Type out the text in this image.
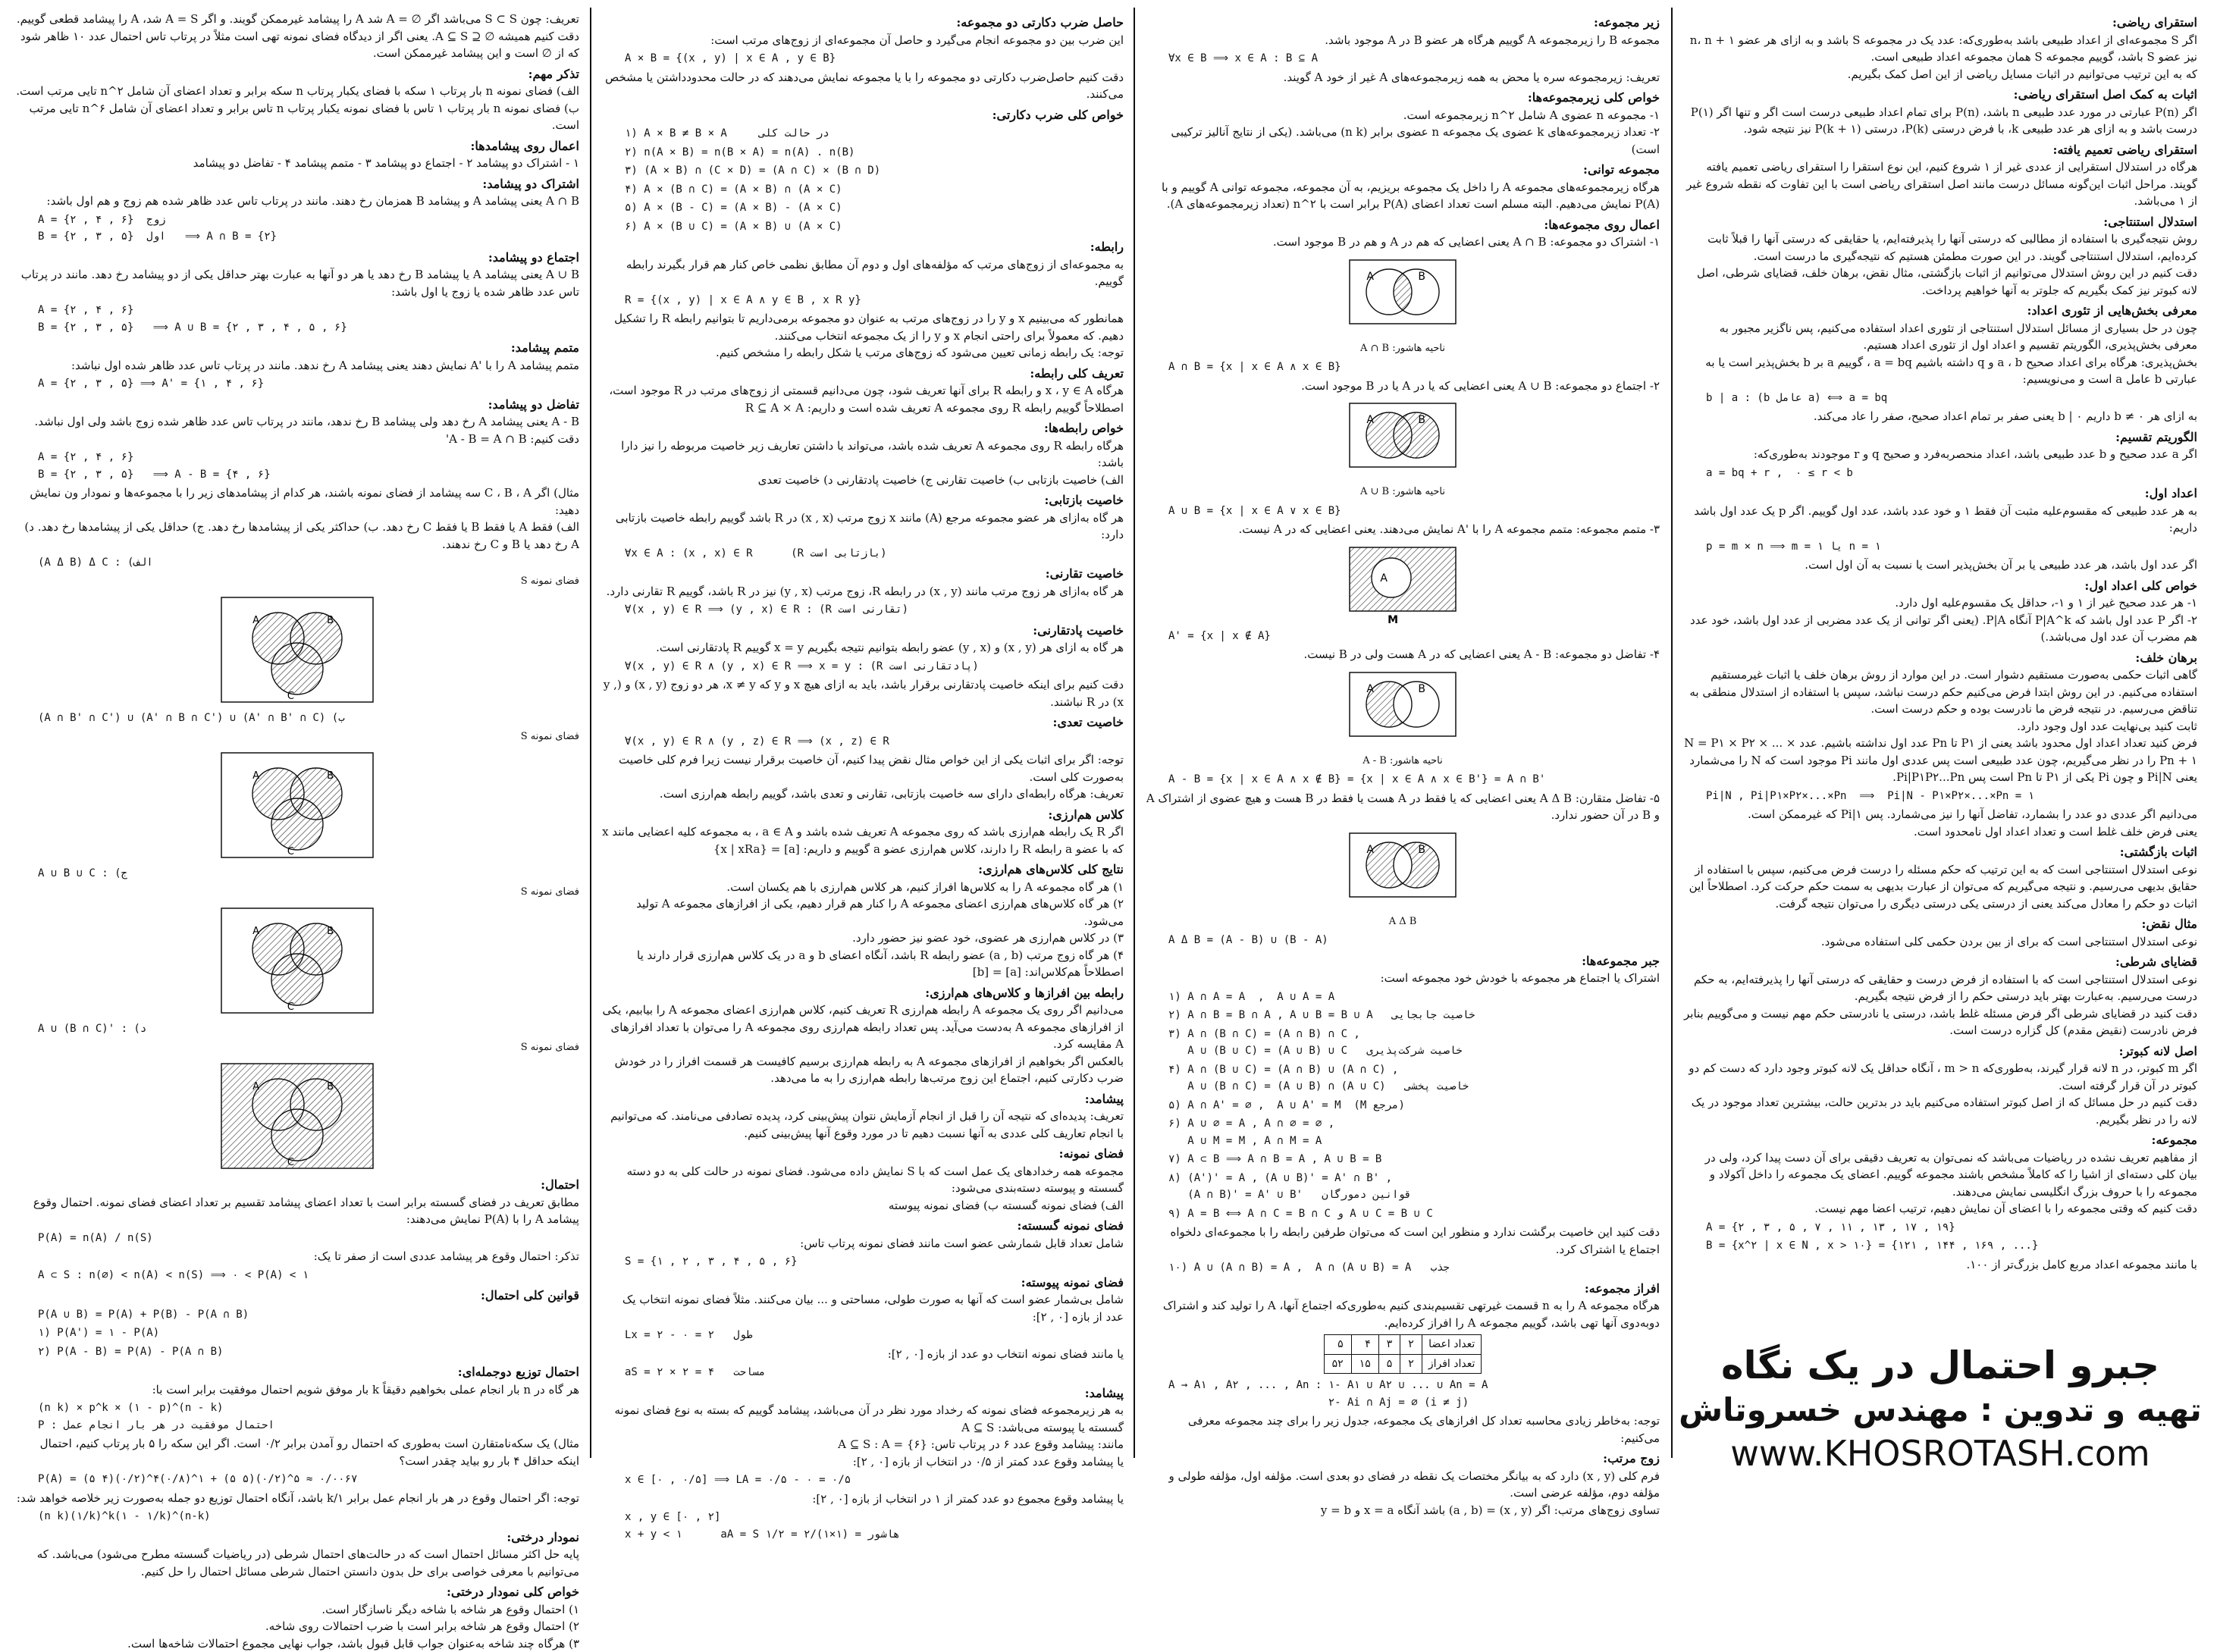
استقرای ریاضی:
اگر S مجموعه‌ای از اعداد طبیعی باشد به‌طوری‌که: عدد یک در مجموعه S باشد و به ازای هر عضو n، n + ۱ نیز عضو S باشد، گوییم مجموعه S همان مجموعه اعداد طبیعی است.
که به این ترتیب می‌توانیم در اثبات مسایل ریاضی از این اصل کمک بگیریم.
اثبات به کمک اصل استقرای ریاضی:
اگر P(n) عبارتی در مورد عدد طبیعی n باشد، P(n) برای تمام اعداد طبیعی درست است اگر و تنها اگر P(۱) درست باشد و به ازای هر عدد طبیعی k، با فرض درستی P(k)، درستی P(k + ۱) نیز نتیجه شود.
استقرای ریاضی تعمیم یافته:
هرگاه در استدلال استقرایی از عددی غیر از ۱ شروع کنیم، این نوع استقرا را استقرای ریاضی تعمیم یافته گویند. مراحل اثبات این‌گونه مسائل درست مانند اصل استقرای ریاضی است با این تفاوت که نقطه شروع غیر از ۱ می‌باشد.
استدلال استنتاجی:
روش نتیجه‌گیری با استفاده از مطالبی که درستی آنها را پذیرفته‌ایم، یا حقایقی که درستی آنها را قبلاً ثابت کرده‌ایم، استدلال استنتاجی گویند. در این صورت مطمئن هستیم که نتیجه‌گیری ما درست است.
دقت کنیم در این روش استدلال می‌توانیم از اثبات بازگشتی، مثال نقض، برهان خلف، قضایای شرطی، اصل لانه کبوتر نیز کمک بگیریم که جلوتر به آنها خواهیم پرداخت.
معرفی بخش‌هایی از تئوری اعداد:
چون در حل بسیاری از مسائل استدلال استنتاجی از تئوری اعداد استفاده می‌کنیم، پس ناگزیر مجبور به معرفی بخش‌پذیری، الگوریتم تقسیم و اعداد اول از تئوری اعداد هستیم.
بخش‌پذیری: هرگاه برای اعداد صحیح a ، b و q داشته باشیم a = bq ، گوییم a بر b بخش‌پذیر است یا به عبارتی b عامل a است و می‌نویسیم:
b | a : (b عامل a) ⟺ a = bq
به ازای هر b ≠ ۰ داریم b | ۰ یعنی صفر بر تمام اعداد صحیح، صفر را عاد می‌کند.
الگوریتم تقسیم:
اگر a عدد صحیح و b عدد طبیعی باشد، اعداد منحصربه‌فرد و صحیح q و r موجودند به‌طوری‌که:
a = bq + r ,  ۰ ≤ r < b
اعداد اول:
به هر عدد طبیعی که مقسوم‌علیه مثبت آن فقط ۱ و خود عدد باشد، عدد اول گوییم. اگر p یک عدد اول باشد داریم:
p = m × n ⟹ m = ۱ یا n = ۱
اگر عدد اول باشد، هر عدد طبیعی یا بر آن بخش‌پذیر است یا نسبت به آن اول است.
خواص کلی اعداد اول:
۱- هر عدد صحیح غیر از ۱ و ۱-، حداقل یک مقسوم‌علیه اول دارد.
۲- اگر P عدد اول باشد که P|A^k آنگاه P|A. (یعنی اگر توانی از یک عدد مضربی از عدد اول باشد، خود عدد هم مضرب آن عدد اول می‌باشد.)
برهان خلف:
گاهی اثبات حکمی به‌صورت مستقیم دشوار است. در این موارد از روش برهان خلف یا اثبات غیرمستقیم استفاده می‌کنیم. در این روش ابتدا فرض می‌کنیم حکم درست نباشد، سپس با استفاده از استدلال منطقی به تناقض می‌رسیم. در نتیجه فرض ما نادرست بوده و حکم درست است.
ثابت کنید بی‌نهایت عدد اول وجود دارد.
فرض کنید تعداد اعداد اول محدود باشد یعنی از P۱ تا Pn عدد اول نداشته باشیم. عدد N = P۱ × P۲ × ... × Pn + ۱ را در نظر می‌گیریم، چون عدد طبیعی است پس عددی اول مانند Pi موجود است که N را می‌شمارد یعنی Pi|N و چون Pi یکی از P۱ تا Pn است پس Pi|P۱P۲...Pn.
Pi|N , Pi|P۱×P۲×...×Pn  ⟹  Pi|N - P۱×P۲×...×Pn = ۱
می‌دانیم اگر عددی دو عدد را بشمارد، تفاضل آنها را نیز می‌شمارد. پس Pi|۱ که غیرممکن است.
یعنی فرض خلف غلط است و تعداد اعداد اول نامحدود است.
اثبات بازگشتی:
نوعی استدلال استنتاجی است که به این ترتیب که حکم مسئله را درست فرض می‌کنیم، سپس با استفاده از حقایق بدیهی می‌رسیم. و نتیجه می‌گیریم که می‌توان از عبارت بدیهی به سمت حکم حرکت کرد. اصطلاحاً این اثبات دو حکم را معادل می‌کند یعنی از درستی یکی درستی دیگری را می‌توان نتیجه گرفت.
مثال نقض:
نوعی استدلال استنتاجی است که برای از بین بردن حکمی کلی استفاده می‌شود.
قضایای شرطی:
نوعی استدلال استنتاجی است که با استفاده از فرض درست و حقایقی که درستی آنها را پذیرفته‌ایم، به حکم درست می‌رسیم. به‌عبارت بهتر باید درستی حکم را از فرض نتیجه بگیریم.
دقت کنید در قضایای شرطی اگر فرض مسئله غلط باشد، درستی یا نادرستی حکم مهم نیست و می‌گوییم بنابر فرض نادرست (نقیض مقدم) کل گزاره درست است.
اصل لانه کبوتر:
اگر m کبوتر، در n لانه قرار گیرند، به‌طوری‌که m > n ، آنگاه حداقل یک لانه کبوتر وجود دارد که دست کم دو کبوتر در آن قرار گرفته است.
دقت کنیم در حل مسائل که از اصل کبوتر استفاده می‌کنیم باید در بدترین حالت، بیشترین تعداد موجود در یک لانه را در نظر بگیریم.
مجموعه:
از مفاهیم تعریف نشده در ریاضیات می‌باشد که نمی‌توان به تعریف دقیقی برای آن دست پیدا کرد، ولی در بیان کلی دسته‌ای از اشیا را که کاملاً مشخص باشند مجموعه گوییم. اعضای یک مجموعه را داخل آکولاد و مجموعه را با حروف بزرگ انگلیسی نمایش می‌دهند.
دقت کنیم که وقتی مجموعه را با اعضای آن نمایش دهیم، ترتیب اعضا مهم نیست.
A = {۲ , ۳ , ۵ , ۷ , ۱۱ , ۱۳ , ۱۷ , ۱۹}
B = {x^۲ | x ∈ N , x > ۱۰} = {۱۲۱ , ۱۴۴ , ۱۶۹ , ...}
با مانند مجموعه اعداد مربع کامل بزرگ‌تر از ۱۰۰.
زیر مجموعه:
مجموعه B را زیرمجموعه A گوییم هرگاه هر عضو B در A موجود باشد.
∀x ∈ B ⟹ x ∈ A : B ⊆ A
تعریف: زیرمجموعه سره یا محض به همه زیرمجموعه‌های A غیر از خود A گویند.
خواص کلی زیرمجموعه‌ها:
۱- مجموعه n عضوی A شامل ۲^n زیرمجموعه است.
۲- تعداد زیرمجموعه‌های k عضوی یک مجموعه n عضوی برابر (n k) می‌باشد. (یکی از نتایج آنالیز ترکیبی است)
مجموعه توانی:
هرگاه زیرمجموعه‌های مجموعه A را داخل یک مجموعه بریزیم، به آن مجموعه، مجموعه توانی A گوییم و با P(A) نمایش می‌دهیم. البته مسلم است تعداد اعضای P(A) برابر است با ۲^n (تعداد زیرمجموعه‌های A).
اعمال روی مجموعه‌ها:
۱- اشتراک دو مجموعه: A ∩ B یعنی اعضایی که هم در A و هم در B موجود است.
A	B
ناحیه هاشور: A ∩ B
A ∩ B = {x | x ∈ A ∧ x ∈ B}
۲- اجتماع دو مجموعه: A ∪ B یعنی اعضایی که یا در A یا در B موجود است.
A	B
ناحیه هاشور: A ∪ B
A ∪ B = {x | x ∈ A ∨ x ∈ B}
۳- متمم مجموعه: متمم مجموعه A را با 'A نمایش می‌دهند. یعنی اعضایی که در A نیست.
A
M
A' = {x | x ∉ A}
۴- تفاضل دو مجموعه: A - B یعنی اعضایی که در A هست ولی در B نیست.
A	B
ناحیه هاشور: A - B
A - B = {x | x ∈ A ∧ x ∉ B} = {x | x ∈ A ∧ x ∈ B'} = A ∩ B'
۵- تفاضل متقارن: A Δ B یعنی اعضایی که یا فقط در A هست یا فقط در B هست و هیچ عضوی از اشتراک A و B در آن حضور ندارد.
A	B
A Δ B
A Δ B = (A - B) ∪ (B - A)
جبر مجموعه‌ها:
اشتراک یا اجتماع هر مجموعه با خودش خود مجموعه است:
۱) A ∩ A = A  ,  A ∪ A = A
۲) A ∩ B = B ∩ A , A ∪ B = B ∪ A   خاصیت جابجایی
۳) A ∩ (B ∩ C) = (A ∩ B) ∩ C ,
A ∪ (B ∪ C) = (A ∪ B) ∪ C   خاصیت شرکت‌پذیری
۴) A ∩ (B ∪ C) = (A ∩ B) ∪ (A ∩ C) ,
A ∪ (B ∩ C) = (A ∪ B) ∩ (A ∪ C)   خاصیت پخشی
۵) A ∩ A' = ∅ ,  A ∪ A' = M  (M مرجع)
۶) A ∪ ∅ = A , A ∩ ∅ = ∅ ,
A ∪ M = M , A ∩ M = A
۷) A ⊂ B ⟹ A ∩ B = A , A ∪ B = B
۸) (A')' = A , (A ∪ B)' = A' ∩ B' ,
(A ∩ B)' = A' ∪ B'   قوانین دمورگان
۹) A = B ⟺ A ∩ C = B ∩ C و A ∪ C = B ∪ C
دقت کنید این خاصیت برگشت ندارد و منظور این است که می‌توان طرفین رابطه را با مجموعه‌ای دلخواه اجتماع یا اشتراک کرد.
۱۰) A ∪ (A ∩ B) = A ,  A ∩ (A ∪ B) = A   جذب
افراز مجموعه:
هرگاه مجموعه A را به n قسمت غیرتهی تقسیم‌بندی کنیم به‌طوری‌که اجتماع آنها، A را تولید کند و اشتراک دوبه‌دوی آنها تهی باشد، گوییم مجموعه A را افراز کرده‌ایم.
تعداد اعضا	۲	۳	۴	۵
تعداد افراز	۲	۵	۱۵	۵۲
A → A۱ , A۲ , ... , An : ۱- A۱ ∪ A۲ ∪ ... ∪ An = A
۲- Ai ∩ Aj = ∅ (i ≠ j)
توجه: به‌خاطر زیادی محاسبه تعداد کل افرازهای یک مجموعه، جدول زیر را برای چند مجموعه معرفی می‌کنیم:
زوج مرتب:
فرم کلی (x , y) دارد که به بیانگر مختصات یک نقطه در فضای دو بعدی است. مؤلفه اول، مؤلفه طولی و مؤلفه دوم، مؤلفه عرضی است.
تساوی زوج‌های مرتب: اگر (x , y) = (a , b) باشد آنگاه x = a و y = b
حاصل ضرب دکارتی دو مجموعه:
این ضرب بین دو مجموعه انجام می‌گیرد و حاصل آن مجموعه‌ای از زوج‌های مرتب است:
A × B = {(x , y) | x ∈ A , y ∈ B}
دقت کنیم حاصل‌ضرب دکارتی دو مجموعه را با یا مجموعه نمایش می‌دهند که در حالت محدودداشتن یا مشخص می‌کنند.
خواص کلی ضرب دکارتی:
۱) A × B ≠ B × A     در حالت کلی
۲) n(A × B) = n(B × A) = n(A) . n(B)
۳) (A × B) ∩ (C × D) = (A ∩ C) × (B ∩ D)
۴) A × (B ∩ C) = (A × B) ∩ (A × C)
۵) A × (B - C) = (A × B) - (A × C)
۶) A × (B ∪ C) = (A × B) ∪ (A × C)
رابطه:
به مجموعه‌ای از زوج‌های مرتب که مؤلفه‌های اول و دوم آن مطابق نظمی خاص کنار هم قرار بگیرند رابطه گوییم.
R = {(x , y) | x ∈ A ∧ y ∈ B , x R y}
همانطور که می‌بینیم x و y را در زوج‌های مرتب به عنوان دو مجموعه برمی‌داریم تا بتوانیم رابطه R را تشکیل دهیم. که معمولاً برای راحتی انجام x و y را از یک مجموعه انتخاب می‌کنند.
توجه: یک رابطه زمانی تعیین می‌شود که زوج‌های مرتب یا شکل رابطه را مشخص کنیم.
تعریف کلی رابطه:
هرگاه x ، y ∈ A و رابطه R برای آنها تعریف شود، چون می‌دانیم قسمتی از زوج‌های مرتب در R موجود است، اصطلاحاً گوییم رابطه R روی مجموعه A تعریف شده است و داریم: R ⊆ A × A
خواص رابطه‌ها:
هرگاه رابطه R روی مجموعه A تعریف شده باشد، می‌تواند با داشتن تعاریف زیر خاصیت مربوطه را نیز دارا باشد:
الف) خاصیت بازتابی ب) خاصیت تقارنی ج) خاصیت پادتقارنی د) خاصیت تعدی
خاصیت بازتابی:
هر گاه به‌ازای هر عضو مجموعه مرجع (A) مانند x زوج مرتب (x , x) در R باشد گوییم رابطه خاصیت بازتابی دارد:
∀x ∈ A : (x , x) ∈ R      (R بازتابی است)
خاصیت تقارنی:
هر گاه به‌ازای هر زوج مرتب مانند (x , y) در رابطه R، زوج مرتب (y , x) نیز در R باشد، گوییم R تقارنی دارد.
∀(x , y) ∈ R ⟹ (y , x) ∈ R : (R تقارنی است)
خاصیت پادتقارنی:
هر گاه به ازای هر (x , y) و (y , x) عضو رابطه بتوانیم نتیجه بگیریم x = y گوییم R پادتقارنی است.
∀(x , y) ∈ R ∧ (y , x) ∈ R ⟹ x = y : (R پادتقارنی است)
دقت کنیم برای اینکه خاصیت پادتقارنی برقرار باشد، باید به ازای هیچ x و y که x ≠ y، هر دو زوج (x , y) و (y , x) در R نباشند.
خاصیت تعدی:
∀(x , y) ∈ R ∧ (y , z) ∈ R ⟹ (x , z) ∈ R
توجه: اگر برای اثبات یکی از این خواص مثال نقض پیدا کنیم، آن خاصیت برقرار نیست زیرا فرم کلی خاصیت به‌صورت کلی است.
تعریف: هرگاه رابطه‌ای دارای سه خاصیت بازتابی، تقارنی و تعدی باشد، گوییم رابطه هم‌ارزی است.
کلاس هم‌ارزی:
اگر R یک رابطه هم‌ارزی باشد که روی مجموعه A تعریف شده باشد و a ∈ A ، به مجموعه کلیه اعضایی مانند x که با عضو a رابطه R را دارند، کلاس هم‌ارزی عضو a گوییم و داریم: [a] = {x | xRa}
نتایج کلی کلاس‌های هم‌ارزی:
۱) هر گاه مجموعه A را به کلاس‌ها افراز کنیم، هر کلاس هم‌ارزی با هم یکسان است.
۲) هر گاه کلاس‌های هم‌ارزی اعضای مجموعه A را کنار هم قرار دهیم، یکی از افرازهای مجموعه A تولید می‌شود.
۳) در کلاس هم‌ارزی هر عضوی، خود عضو نیز حضور دارد.
۴) هر گاه زوج مرتب (a , b) عضو رابطه R باشد، آنگاه اعضای b و a در یک کلاس هم‌ارزی قرار دارند یا اصطلاحاً هم‌کلاس‌اند: [a] = [b]
رابطه بین افرازها و کلاس‌های هم‌ارزی:
می‌دانیم اگر روی یک مجموعه A رابطه هم‌ارزی R تعریف کنیم، کلاس هم‌ارزی اعضای مجموعه A را بیابیم، یکی از افرازهای مجموعه A به‌دست می‌آید. پس تعداد رابطه هم‌ارزی روی مجموعه A را می‌توان با تعداد افرازهای A مقایسه کرد.
بالعکس اگر بخواهیم از افرازهای مجموعه A به رابطه هم‌ارزی برسیم کافیست هر قسمت افراز را در خودش ضرب دکارتی کنیم، اجتماع این زوج مرتب‌ها رابطه هم‌ارزی را به ما می‌دهد.
پیشامد:
تعریف: پدیده‌ای که نتیجه آن را قبل از انجام آزمایش نتوان پیش‌بینی کرد، پدیده تصادفی می‌نامند. که می‌توانیم با انجام تعاریف کلی عددی به آنها نسبت دهیم تا در مورد وقوع آنها پیش‌بینی کنیم.
فضای نمونه:
مجموعه همه رخدادهای یک عمل است که با S نمایش داده می‌شود. فضای نمونه در حالت کلی به دو دسته گسسته و پیوسته دسته‌بندی می‌شود:
الف) فضای نمونه گسسته ب) فضای نمونه پیوسته
فضای نمونه گسسته:
شامل تعداد قابل شمارشی عضو است مانند فضای نمونه پرتاب تاس:
S = {۱ , ۲ , ۳ , ۴ , ۵ , ۶}
فضای نمونه پیوسته:
شامل بی‌شمار عضو است که آنها به صورت طولی، مساحتی و ... بیان می‌کنند. مثلاً فضای نمونه انتخاب یک عدد از بازه [۰ , ۲]:
Lx = ۲ - ۰ = ۲   طول
یا مانند فضای نمونه انتخاب دو عدد از بازه [۰ , ۲]:
aS = ۲ × ۲ = ۴   مساحت
پیشامد:
به هر زیرمجموعه فضای نمونه که رخداد مورد نظر در آن می‌باشد، پیشامد گوییم که بسته به نوع فضای نمونه گسسته یا پیوسته می‌باشد: A ⊆ S
مانند: پیشامد وقوع عدد ۶ در پرتاب تاس: A ⊆ S : A = {۶}
یا پیشامد وقوع عدد کمتر از ۰/۵ در انتخاب از بازه [۰ , ۲]:
x ∈ [۰ , ۰/۵] ⟹ LA = ۰/۵ - ۰ = ۰/۵
یا پیشامد وقوع مجموع دو عدد کمتر از ۱ در انتخاب از بازه [۰ , ۲]:
x , y ∈ [۰ , ۲]
x + y < ۱      aA = S هاشور = (۱×۱)/۲ = ۱/۲
تعریف: چون S ⊂ S می‌باشد اگر ∅ = A شد A را پیشامد غیرممکن گویند. و اگر A = S شد، A را پیشامد قطعی گوییم.
دقت کنیم همیشه ∅ ⊆ A ⊆ S. یعنی اگر از دیدگاه فضای نمونه تهی است مثلاً در پرتاب تاس احتمال عدد ۱۰ ظاهر شود که از ∅ است و این پیشامد غیرممکن است.
تذکر مهم:
الف) فضای نمونه n بار پرتاب ۱ سکه با فضای یکبار پرتاب n سکه برابر و تعداد اعضای آن شامل ۲^n تایی مرتب است.
ب) فضای نمونه n بار پرتاب ۱ تاس با فضای نمونه یکبار پرتاب n تاس برابر و تعداد اعضای آن شامل ۶^n تایی مرتب است.
اعمال روی پیشامدها:
۱ - اشتراک دو پیشامد ۲ - اجتماع دو پیشامد ۳ - متمم پیشامد ۴ - تفاضل دو پیشامد
اشتراک دو پیشامد:
A ∩ B یعنی پیشامد A و پیشامد B همزمان رخ دهند. مانند در پرتاب تاس عدد ظاهر شده هم زوج و هم اول باشد:
A = {۲ , ۴ , ۶}  زوج
B = {۲ , ۳ , ۵}  اول   ⟹ A ∩ B = {۲}
اجتماع دو پیشامد:
A ∪ B یعنی پیشامد A یا پیشامد B رخ دهد یا هر دو آنها به عبارت بهتر حداقل یکی از دو پیشامد رخ دهد. مانند در پرتاب تاس عدد ظاهر شده یا زوج یا اول باشد:
A = {۲ , ۴ , ۶}
B = {۲ , ۳ , ۵}   ⟹ A ∪ B = {۲ , ۳ , ۴ , ۵ , ۶}
متمم پیشامد:
متمم پیشامد A را با 'A نمایش دهند یعنی پیشامد A رخ ندهد. مانند در پرتاب تاس عدد ظاهر شده اول نباشد:
A = {۲ , ۳ , ۵} ⟹ A' = {۱ , ۴ , ۶}
تفاضل دو پیشامد:
A - B یعنی پیشامد A رخ دهد ولی پیشامد B رخ ندهد، مانند در پرتاب تاس عدد ظاهر شده زوج باشد ولی اول نباشد. دقت کنیم: A - B = A ∩ B'
A = {۲ , ۴ , ۶}
B = {۲ , ۳ , ۵}   ⟹ A - B = {۴ , ۶}
مثال) اگر C ، B ، A سه پیشامد از فضای نمونه باشند، هر کدام از پیشامدهای زیر را با مجموعه‌ها و نمودار ون نمایش دهید:
الف) فقط A یا فقط B یا فقط C رخ دهد. ب) حداکثر یکی از پیشامدها رخ دهد. ج) حداقل یکی از پیشامدها رخ دهد. د) A رخ دهد یا B و C رخ ندهند.
(A Δ B) Δ C : (الف
فضای نمونه S
A	B
C
(A ∩ B' ∩ C') ∪ (A' ∩ B ∩ C') ∪ (A' ∩ B' ∩ C) (ب
فضای نمونه S
A	B
C
A ∪ B ∪ C : (ج
فضای نمونه S
A	B
C
A ∪ (B ∩ C)' : (د
فضای نمونه S
A	B
C
احتمال:
مطابق تعریف در فضای گسسته برابر است با تعداد اعضای پیشامد تقسیم بر تعداد اعضای فضای نمونه. احتمال وقوع پیشامد A را با P(A) نمایش می‌دهند:
P(A) = n(A) / n(S)
تذکر: احتمال وقوع هر پیشامد عددی است از صفر تا یک:
A ⊂ S : n(∅) < n(A) < n(S) ⟹ ۰ < P(A) < ۱
قوانین کلی احتمال:
P(A ∪ B) = P(A) + P(B) - P(A ∩ B)
۱) P(A') = ۱ - P(A)
۲) P(A - B) = P(A) - P(A ∩ B)
احتمال توزیع دوجمله‌ای:
هر گاه در n بار انجام عملی بخواهیم دقیقاً k بار موفق شویم احتمال موفقیت برابر است با:
(n k) × p^k × (۱ - p)^(n - k)
P : احتمال موفقیت در هر بار انجام عمل
مثال) یک سکه‌نامتقارن است به‌طوری که احتمال رو آمدن برابر ۰/۲ است. اگر این سکه را ۵ بار پرتاب کنیم، احتمال اینکه حداقل ۴ بار رو بیاید چقدر است؟
P(A) = (۵ ۴)(۰/۲)^۴(۰/۸)^۱ + (۵ ۵)(۰/۲)^۵ ≈ ۰/۰۰۶۷
توجه: اگر احتمال وقوع در هر بار انجام عمل برابر ۱/k باشد، آنگاه احتمال توزیع دو جمله به‌صورت زیر خلاصه خواهد شد:
(n k)(۱/k)^k(۱ - ۱/k)^(n-k)
نمودار درختی:
پایه حل اکثر مسائل احتمال است که در حالت‌های احتمال شرطی (در ریاضیات گسسته مطرح می‌شود) می‌باشد. که می‌توانیم با معرفی خواصی برای حل بدون دانستن احتمال شرطی مسائل احتمال را حل کنیم.
خواص کلی نمودار درختی:
۱) احتمال وقوع هر شاخه با شاخه دیگر ناسازگار است.
۲) احتمال وقوع هر شاخه برابر است با ضرب احتمالات روی شاخه.
۳) هرگاه چند شاخه به‌عنوان جواب قابل قبول باشد، جواب نهایی مجموع احتمالات شاخه‌ها است.
جبرو احتمال در یک نگاه
تهیه و تدوین : مهندس خسروتاش
www.KHOSROTASH.com
